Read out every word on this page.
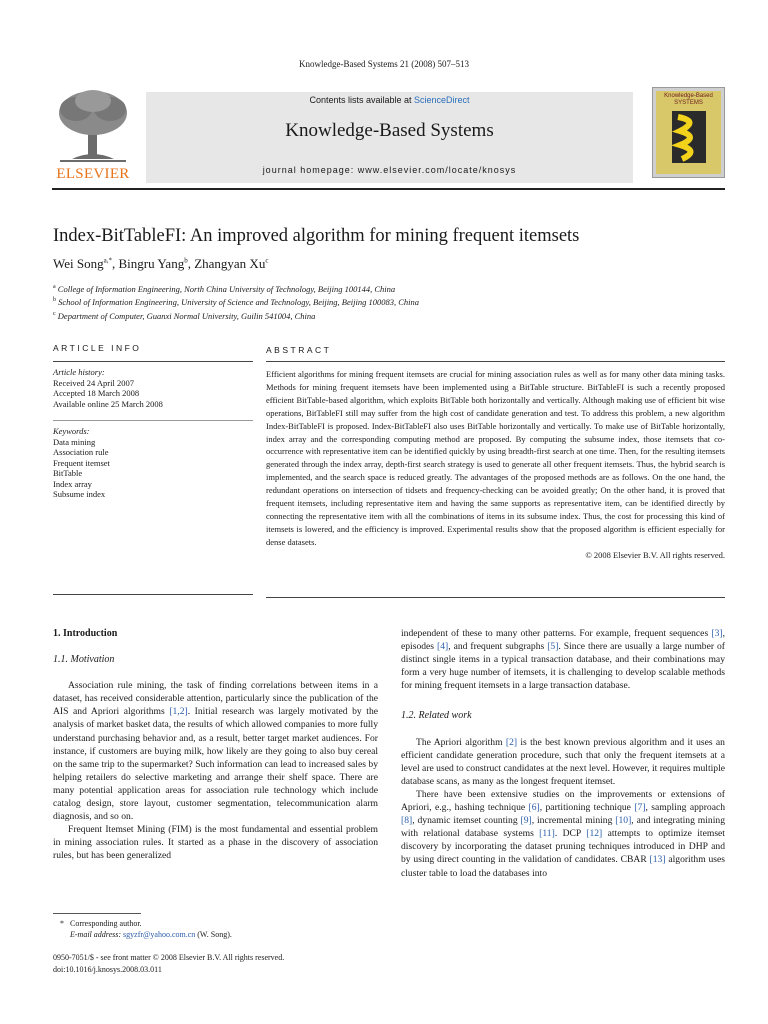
Knowledge-Based Systems 21 (2008) 507–513
ELSEVIER
Contents lists available at ScienceDirect
Knowledge-Based Systems
journal homepage: www.elsevier.com/locate/knosys
Knowledge-Based
SYSTEMS
Index-BitTableFI: An improved algorithm for mining frequent itemsets
Wei Song$^{a,*}$, Bingru Yang$^b$, Zhangyan Xu$^c$
$^a$ College of Information Engineering, North China University of Technology, Beijing 100144, China
$^b$ School of Information Engineering, University of Science and Technology, Beijing, Beijing 100083, China
$^c$ Department of Computer, Guanxi Normal University, Guilin 541004, China
ARTICLE INFO
Article history:
Received 24 April 2007
Accepted 18 March 2008
Available online 25 March 2008
Keywords:
Data mining
Association rule
Frequent itemset
BitTable
Index array
Subsume index
ABSTRACT
Efficient algorithms for mining frequent itemsets are crucial for mining association rules as well as for many other data mining tasks. Methods for mining frequent itemsets have been implemented using a BitTable structure. BitTableFI is such a recently proposed efficient BitTable-based algorithm, which exploits BitTable both horizontally and vertically. Although making use of efficient bit wise operations, BitTableFI still may suffer from the high cost of candidate generation and test. To address this problem, a new algorithm Index-BitTableFI is proposed. Index-BitTableFI also uses BitTable horizontally and vertically. To make use of BitTable horizontally, index array and the corresponding computing method are proposed. By computing the subsume index, those itemsets that co-occurrence with representative item can be identified quickly by using breadth-first search at one time. Then, for the resulting itemsets generated through the index array, depth-first search strategy is used to generate all other frequent itemsets. Thus, the hybrid search is implemented, and the search space is reduced greatly. The advantages of the proposed methods are as follows. On the one hand, the redundant operations on intersection of tidsets and frequency-checking can be avoided greatly; On the other hand, it is proved that frequent itemsets, including representative item and having the same supports as representative item, can be identified directly by connecting the representative item with all the combinations of items in its subsume index. Thus, the cost for processing this kind of itemsets is lowered, and the efficiency is improved. Experimental results show that the proposed algorithm is efficient especially for dense datasets.
© 2008 Elsevier B.V. All rights reserved.
1. Introduction
1.1. Motivation

Association rule mining, the task of finding correlations between items in a dataset, has received considerable attention, particularly since the publication of the AIS and Apriori algorithms [1,2]. Initial research was largely motivated by the analysis of market basket data, the results of which allowed companies to more fully understand purchasing behavior and, as a result, better target market audiences. For instance, if customers are buying milk, how likely are they going to also buy cereal on the same trip to the supermarket? Such information can lead to increased sales by helping retailers do selective marketing and arrange their shelf space. There are many potential application areas for association rule technology which include catalog design, store layout, customer segmentation, telecommunication alarm diagnosis, and so on.

Frequent Itemset Mining (FIM) is the most fundamental and essential problem in mining association rules. It started as a phase in the discovery of association rules, but has been generalized

* Corresponding author.
E-mail address: sgyzfr@yahoo.com.cn (W. Song).
0950-7051/$ - see front matter © 2008 Elsevier B.V. All rights reserved.
doi:10.1016/j.knosys.2008.03.011
independent of these to many other patterns. For example, frequent sequences [3], episodes [4], and frequent subgraphs [5]. Since there are usually a large number of distinct single items in a typical transaction database, and their combinations may form a very huge number of itemsets, it is challenging to develop scalable methods for mining frequent itemsets in a large transaction database.
1.2. Related work

The Apriori algorithm [2] is the best known previous algorithm and it uses an efficient candidate generation procedure, such that only the frequent itemsets at a level are used to construct candidates at the next level. However, it requires multiple database scans, as many as the longest frequent itemset.

There have been extensive studies on the improvements or extensions of Apriori, e.g., hashing technique [6], partitioning technique [7], sampling approach [8], dynamic itemset counting [9], incremental mining [10], and integrating mining with relational database systems [11]. DCP [12] attempts to optimize itemset discovery by incorporating the dataset pruning techniques introduced in DHP and by using direct counting in the validation of candidates. CBAR [13] algorithm uses cluster table to load the databases into
